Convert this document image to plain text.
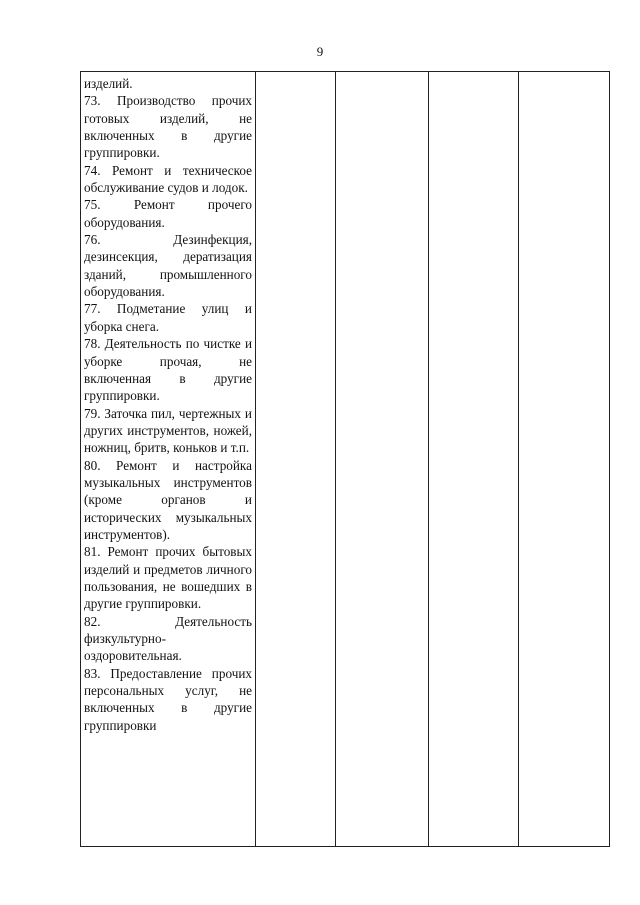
9
изделий.
73. Производство прочих готовых изделий, не включенных в другие группировки.
74. Ремонт и техническое обслуживание судов и лодок.
75. Ремонт прочего оборудования.
76. Дезинфекция, дезинсекция, дератизация зданий, промышленного оборудования.
77. Подметание улиц и уборка снега.
78. Деятельность по чистке и уборке прочая, не включенная в другие группировки.
79. Заточка пил, чертежных и других инструментов, ножей, ножниц, бритв, коньков и т.п.
80. Ремонт и настройка музыкальных инструментов (кроме органов и исторических музыкальных инструментов).
81. Ремонт прочих бытовых изделий и предметов личного пользования, не вошедших в другие группировки.
82. Деятельность физкультурно-оздоровительная.
83. Предоставление прочих персональных услуг, не включенных в другие группировки
